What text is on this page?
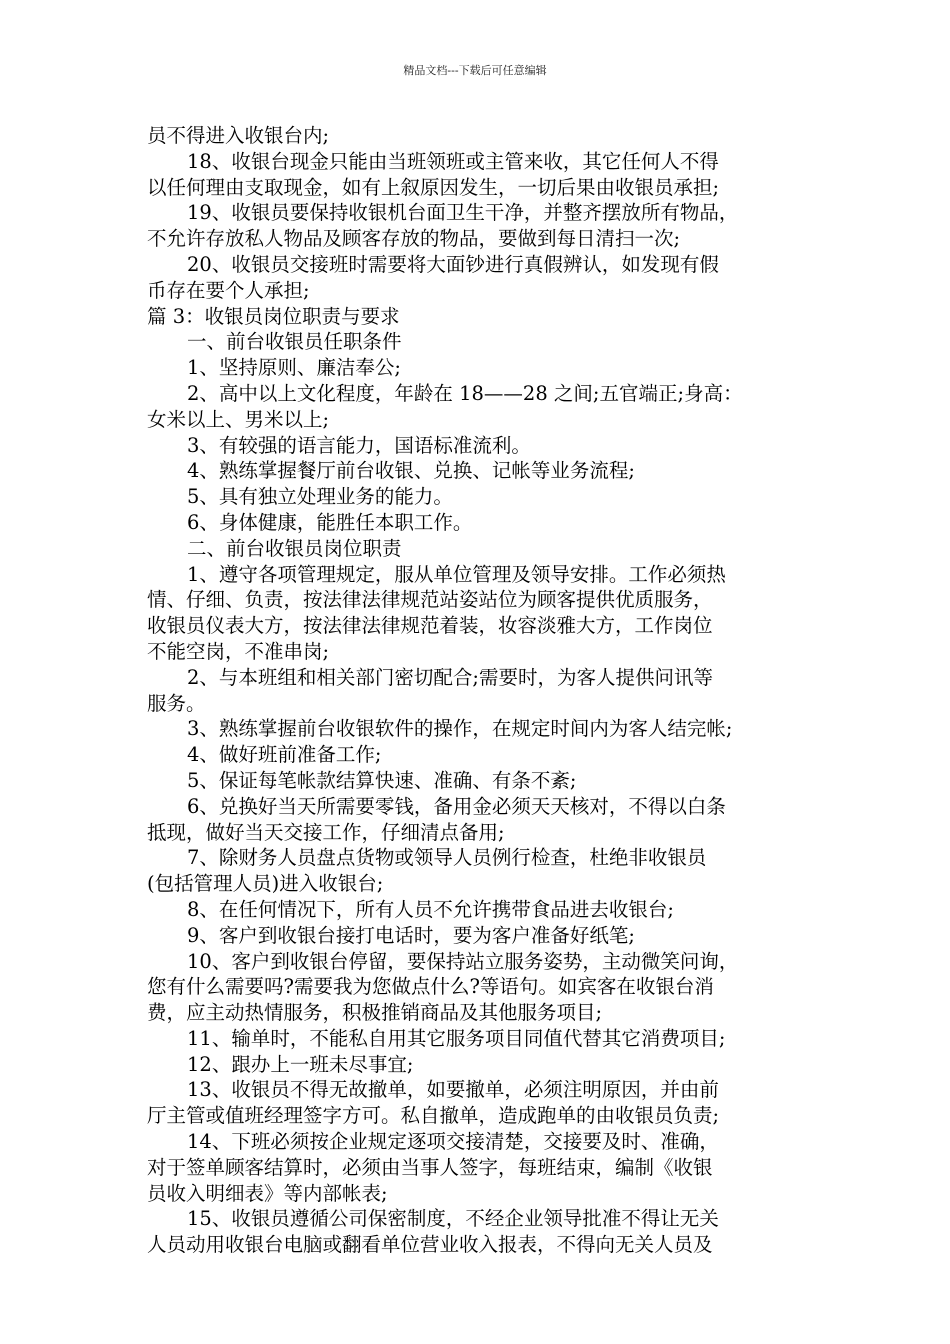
精品文档---下载后可任意编辑

员不得进入收银台内;

18、收银台现金只能由当班领班或主管来收，其它任何人不得

以任何理由支取现金，如有上叙原因发生，一切后果由收银员承担;

19、收银员要保持收银机台面卫生干净，并整齐摆放所有物品，

不允许存放私人物品及顾客存放的物品，要做到每日清扫一次;

20、收银员交接班时需要将大面钞进行真假辨认，如发现有假

币存在要个人承担;

篇 3：收银员岗位职责与要求

一、前台收银员任职条件

1、坚持原则、廉洁奉公;

2、高中以上文化程度，年龄在 18——28 之间;五官端正;身高：

女米以上、男米以上;

3、有较强的语言能力，国语标准流利。

4、熟练掌握餐厅前台收银、兑换、记帐等业务流程;

5、具有独立处理业务的能力。

6、身体健康，能胜任本职工作。

二、前台收银员岗位职责

1、遵守各项管理规定，服从单位管理及领导安排。工作必须热

情、仔细、负责，按法律法律规范站姿站位为顾客提供优质服务，

收银员仪表大方，按法律法律规范着装，妆容淡雅大方，工作岗位

不能空岗，不准串岗;

2、与本班组和相关部门密切配合;需要时，为客人提供问讯等

服务。

3、熟练掌握前台收银软件的操作，在规定时间内为客人结完帐;

4、做好班前准备工作;

5、保证每笔帐款结算快速、准确、有条不紊;

6、兑换好当天所需要零钱，备用金必须天天核对，不得以白条

抵现，做好当天交接工作，仔细清点备用;

7、除财务人员盘点货物或领导人员例行检查，杜绝非收银员

(包括管理人员)进入收银台;

8、在任何情况下，所有人员不允许携带食品进去收银台;

9、客户到收银台接打电话时，要为客户准备好纸笔;

10、客户到收银台停留，要保持站立服务姿势，主动微笑问询，

您有什么需要吗?需要我为您做点什么?等语句。如宾客在收银台消

费，应主动热情服务，积极推销商品及其他服务项目;

11、输单时，不能私自用其它服务项目同值代替其它消费项目;

12、跟办上一班未尽事宜;

13、收银员不得无故撤单，如要撤单，必须注明原因，并由前

厅主管或值班经理签字方可。私自撤单，造成跑单的由收银员负责;

14、下班必须按企业规定逐项交接清楚，交接要及时、准确，

对于签单顾客结算时，必须由当事人签字，每班结束，编制《收银

员收入明细表》等内部帐表;

15、收银员遵循公司保密制度，不经企业领导批准不得让无关

人员动用收银台电脑或翻看单位营业收入报表，不得向无关人员及
